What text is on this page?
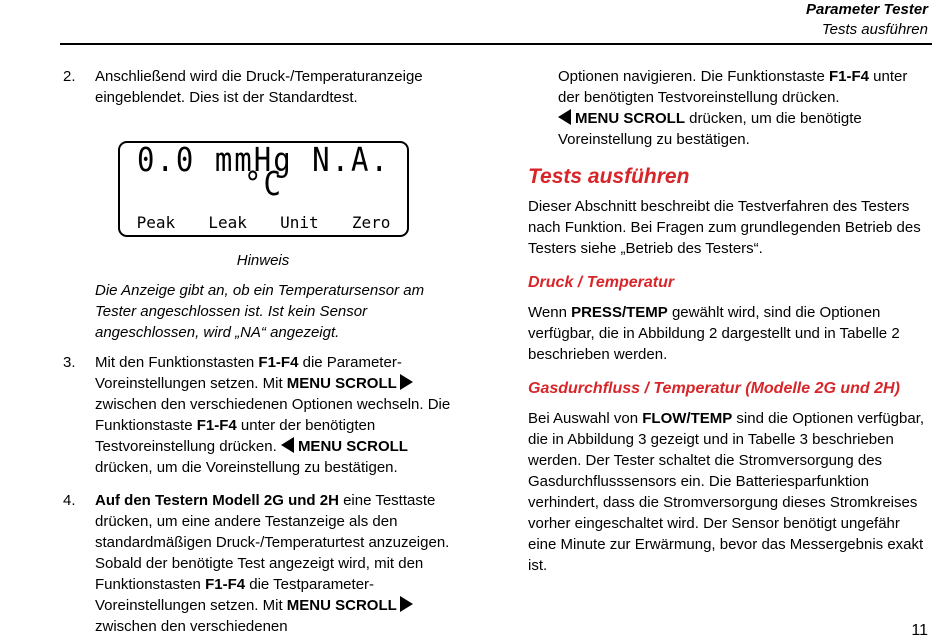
Parameter Tester
Tests ausführen
2. Anschließend wird die Druck-/Temperaturanzeige eingeblendet. Dies ist der Standardtest.
0.0 mmHg N.A.°C
Peak Leak Unit Zero
Hinweis
Die Anzeige gibt an, ob ein Temperatursensor am Tester angeschlossen ist. Ist kein Sensor angeschlossen, wird „NA“ angezeigt.
3. Mit den Funktionstasten F1-F4 die Parameter-Voreinstellungen setzen. Mit MENU SCROLL zwischen den verschiedenen Optionen wechseln. Die Funktionstaste F1-F4 unter der benötigten Testvoreinstellung drücken. MENU SCROLL drücken, um die Voreinstellung zu bestätigen.
4. Auf den Testern Modell 2G und 2H eine Testtaste drücken, um eine andere Testanzeige als den standardmäßigen Druck-/Temperaturtest anzuzeigen. Sobald der benötigte Test angezeigt wird, mit den Funktionstasten F1-F4 die Testparameter-Voreinstellungen setzen. Mit MENU SCROLL zwischen den verschiedenen
Optionen navigieren. Die Funktionstaste F1-F4 unter der benötigten Testvoreinstellung drücken.
MENU SCROLL drücken, um die benötigte Voreinstellung zu bestätigen.
Tests ausführen

Dieser Abschnitt beschreibt die Testverfahren des Testers nach Funktion. Bei Fragen zum grundlegenden Betrieb des Testers siehe „Betrieb des Testers“.

Druck / Temperatur

Wenn PRESS/TEMP gewählt wird, sind die Optionen verfügbar, die in Abbildung 2 dargestellt und in Tabelle 2 beschrieben werden.

Gasdurchfluss / Temperatur (Modelle 2G und 2H)

Bei Auswahl von FLOW/TEMP sind die Optionen verfügbar, die in Abbildung 3 gezeigt und in Tabelle 3 beschrieben werden. Der Tester schaltet die Stromversorgung des Gasdurchflusssensors ein. Die Batteriesparfunktion verhindert, dass die Stromversorgung dieses Stromkreises vorher eingeschaltet wird. Der Sensor benötigt ungefähr eine Minute zur Erwärmung, bevor das Messergebnis exakt ist.

11
